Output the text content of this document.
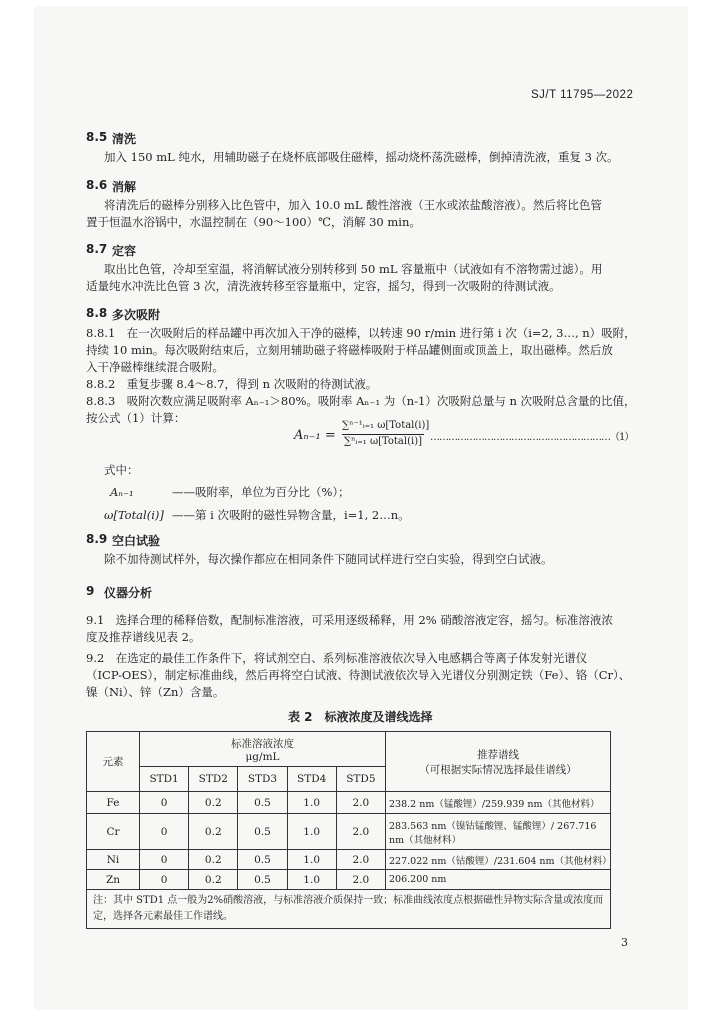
SJ/T 11795—2022
8.5 清洗
加入 150 mL 纯水，用辅助磁子在烧杯底部吸住磁棒，摇动烧杯荡洗磁棒，倒掉清洗液，重复 3 次。
8.6 消解
将清洗后的磁棒分别移入比色管中，加入 10.0 mL 酸性溶液（王水或浓盐酸溶液）。然后将比色管
置于恒温水浴锅中，水温控制在（90～100）℃，消解 30 min。
8.7 定容
取出比色管，冷却至室温，将消解试液分别转移到 50 mL 容量瓶中（试液如有不溶物需过滤）。用
适量纯水冲洗比色管 3 次，清洗液转移至容量瓶中，定容，摇匀，得到一次吸附的待测试液。
8.8 多次吸附
8.8.1　在一次吸附后的样品罐中再次加入干净的磁棒，以转速 90 r/min 进行第 i 次（i=2, 3…, n）吸附，
持续 10 min。每次吸附结束后，立刻用辅助磁子将磁棒吸附于样品罐侧面或顶盖上，取出磁棒。然后放
入干净磁棒继续混合吸附。
8.8.2　重复步骤 8.4～8.7，得到 n 次吸附的待测试液。
8.8.3　吸附次数应满足吸附率 Aₙ₋₁＞80%。吸附率 Aₙ₋₁ 为（n-1）次吸附总量与 n 次吸附总含量的比值，
按公式（1）计算：
Aₙ₋₁ =
∑ⁿ⁻¹ᵢ₌₁ ω[Total(i)]
∑ⁿᵢ₌₁ ω[Total(i)] ……………………………………………………（1）
式中：
Aₙ₋₁	——吸附率，单位为百分比（%）；
ω[Total(i)] ——第 i 次吸附的磁性异物含量，i=1, 2…n。
8.9 空白试验
除不加待测试样外，每次操作都应在相同条件下随同试样进行空白实验，得到空白试液。
9 仪器分析
9.1　选择合理的稀释倍数，配制标准溶液，可采用逐级稀释，用 2% 硝酸溶液定容，摇匀。标准溶液浓
度及推荐谱线见表 2。
9.2　在选定的最佳工作条件下，将试剂空白、系列标准溶液依次导入电感耦合等离子体发射光谱仪
（ICP-OES），制定标准曲线，然后再将空白试液、待测试液依次导入光谱仪分别测定铁（Fe）、铬（Cr）、
镍（Ni）、锌（Zn）含量。
表 2　标液浓度及谱线选择
元素	标准溶液浓度
μg/mL					推荐谱线
（可根据实际情况选择最佳谱线）
	STD1	STD2	STD3	STD4	STD5	
Fe	0	0.2	0.5	1.0	2.0	238.2 nm（锰酸锂）/259.939 nm（其他材料）
Cr	0	0.2	0.5	1.0	2.0	283.563 nm（镍钴锰酸锂、锰酸锂）/ 267.716 nm（其他材料）
Ni	0	0.2	0.5	1.0	2.0	227.022 nm（钴酸锂）/231.604 nm（其他材料）
Zn	0	0.2	0.5	1.0	2.0	206.200 nm
注：其中 STD1 点一般为2%硝酸溶液，与标准溶液介质保持一致；标准曲线浓度点根据磁性异物实际含量或浓度而定，选择各元素最佳工作谱线。						
3
